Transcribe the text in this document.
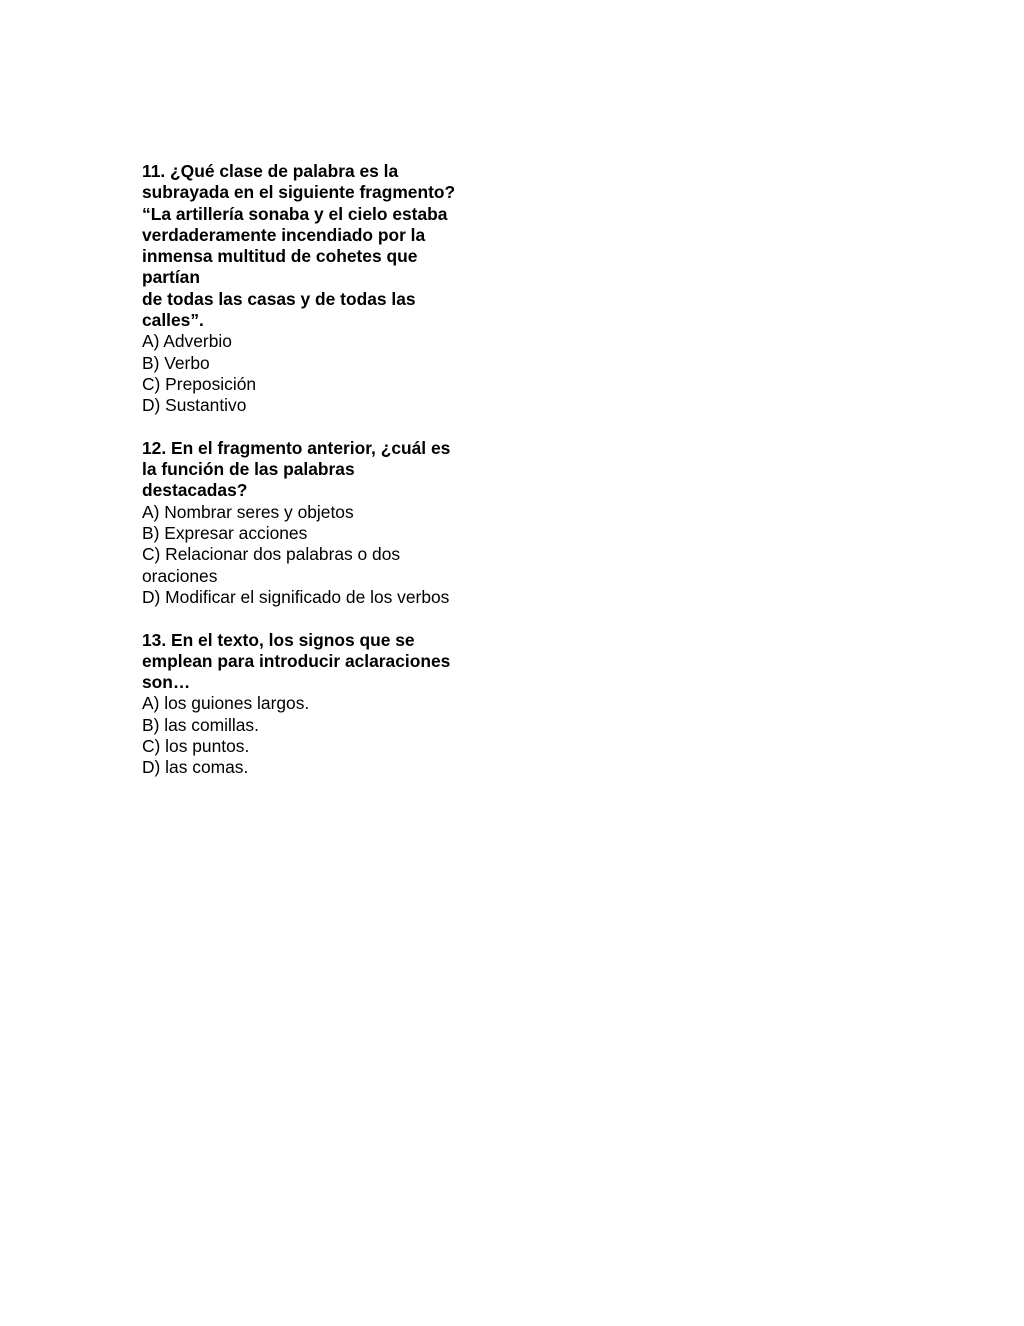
11. ¿Qué clase de palabra es la
subrayada en el siguiente fragmento?
“La artillería sonaba y el cielo estaba
verdaderamente incendiado por la
inmensa multitud de cohetes que
partían
de todas las casas y de todas las
calles”.
A) Adverbio
B) Verbo
C) Preposición
D) Sustantivo
12. En el fragmento anterior, ¿cuál es
la función de las palabras
destacadas?
A) Nombrar seres y objetos
B) Expresar acciones
C) Relacionar dos palabras o dos
oraciones
D) Modificar el significado de los verbos
13. En el texto, los signos que se
emplean para introducir aclaraciones
son…
A) los guiones largos.
B) las comillas.
C) los puntos.
D) las comas.
